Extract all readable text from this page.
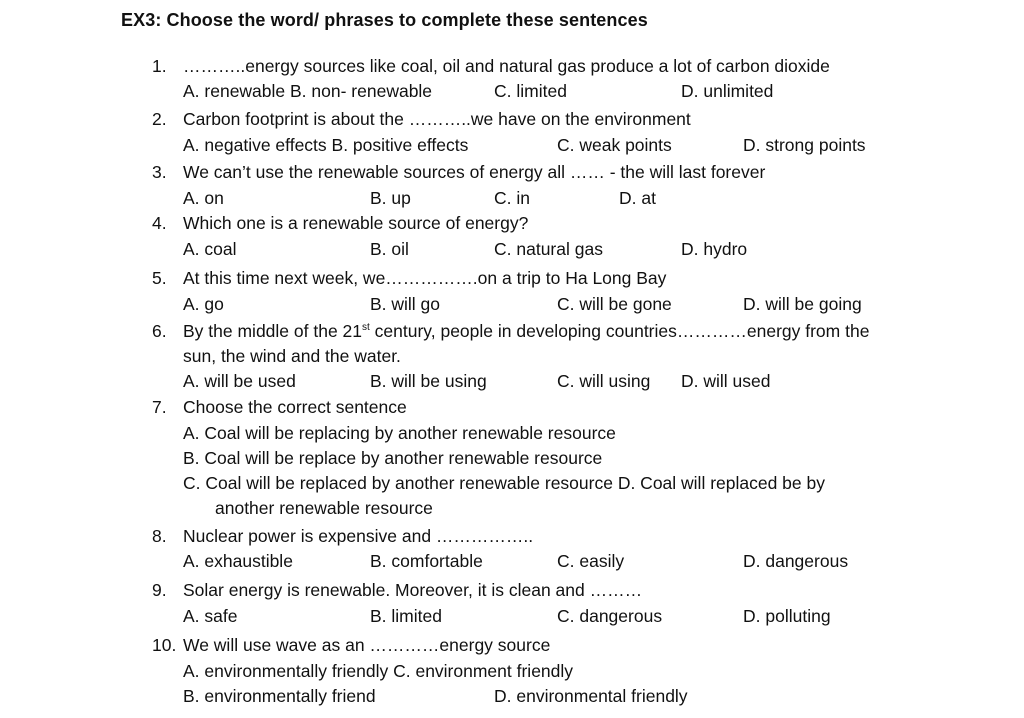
EX3: Choose the word/ phrases to complete these sentences
1. ………..energy sources like coal, oil and natural gas produce a lot of carbon dioxide
A. renewable B. non- renewable	C. limited	D. unlimited
2. Carbon footprint is about the ………..we have on the environment
A. negative effects B. positive effects	C. weak points	D. strong points
3. We can’t use the renewable sources of energy all …… - the will last forever
A. on	B. up	C. in	D. at
4. Which one is a renewable source of energy?
A. coal	B. oil	C. natural gas	D. hydro
5. At this time next week, we…………….on a trip to Ha Long Bay
A. go	B. will go	C. will be gone	D. will be going
6. By the middle of the 21st century, people in developing countries…………energy from the
sun, the wind and the water.
A. will be used	B. will be using	C. will using D. will used
7. Choose the correct sentence
A. Coal will be replacing by another renewable resource
B. Coal will be replace by another renewable resource
C. Coal will be replaced by another renewable resource D. Coal will replaced be by
another renewable resource
8. Nuclear power is expensive and ……………..
A. exhaustible	B. comfortable	C. easily	D. dangerous
9. Solar energy is renewable. Moreover, it is clean and ………
A. safe	B. limited	C. dangerous	D. polluting
10. We will use wave as an …………energy source
A. environmentally friendly C. environment friendly
B. environmentally friend	D. environmental friendly
